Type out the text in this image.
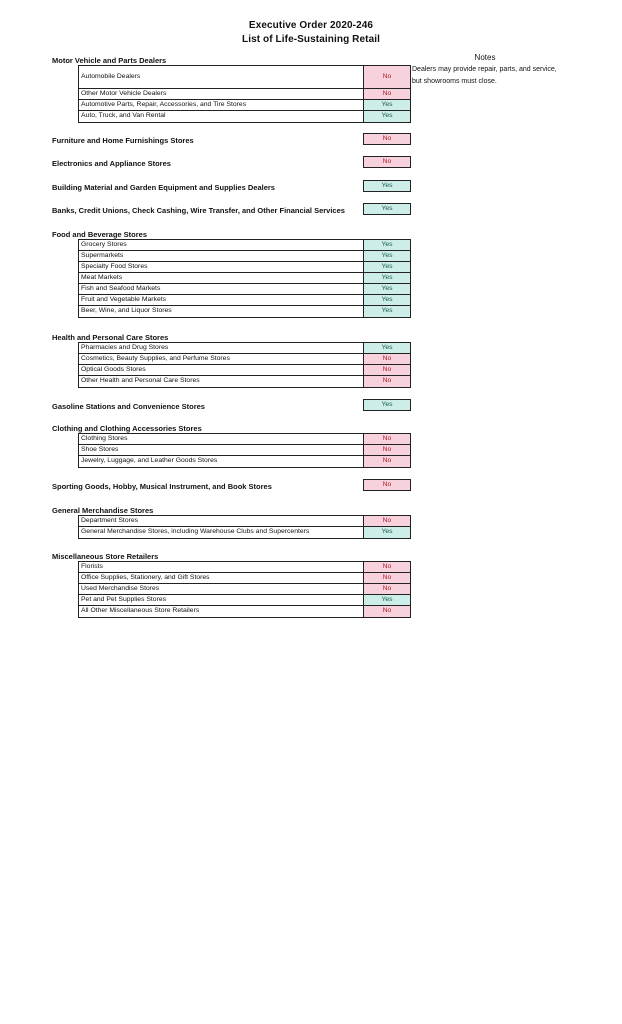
Executive Order 2020-246
List of Life-Sustaining Retail
Notes
Dealers may provide repair, parts, and service, but showrooms must close.
Motor Vehicle and Parts Dealers
Automobile Dealers	No
Other Motor Vehicle Dealers	No
Automotive Parts, Repair, Accessories, and Tire Stores	Yes
Auto, Truck, and Van Rental	Yes
Furniture and Home Furnishings Stores	No
Electronics and Appliance Stores	No
Building Material and Garden Equipment and Supplies Dealers	Yes
Banks, Credit Unions, Check Cashing, Wire Transfer, and Other Financial Services	Yes
Food and Beverage Stores
Grocery Stores	Yes
Supermarkets	Yes
Specialty Food Stores	Yes
Meat Markets	Yes
Fish and Seafood Markets	Yes
Fruit and Vegetable Markets	Yes
Beer, Wine, and Liquor Stores	Yes
Health and Personal Care Stores
Pharmacies and Drug Stores	Yes
Cosmetics, Beauty Supplies, and Perfume Stores	No
Optical Goods Stores	No
Other Health and Personal Care Stores	No
Gasoline Stations and Convenience Stores	Yes
Clothing and Clothing Accessories Stores
Clothing Stores	No
Shoe Stores	No
Jewelry, Luggage, and Leather Goods Stores	No
Sporting Goods, Hobby, Musical Instrument, and Book Stores	No
General Merchandise Stores
Department Stores	No
General Merchandise Stores, including Warehouse Clubs and Supercenters	Yes
Miscellaneous Store Retailers
Florists	No
Office Supplies, Stationery, and Gift Stores	No
Used Merchandise Stores	No
Pet and Pet Supplies Stores	Yes
All Other Miscellaneous Store Retailers	No
